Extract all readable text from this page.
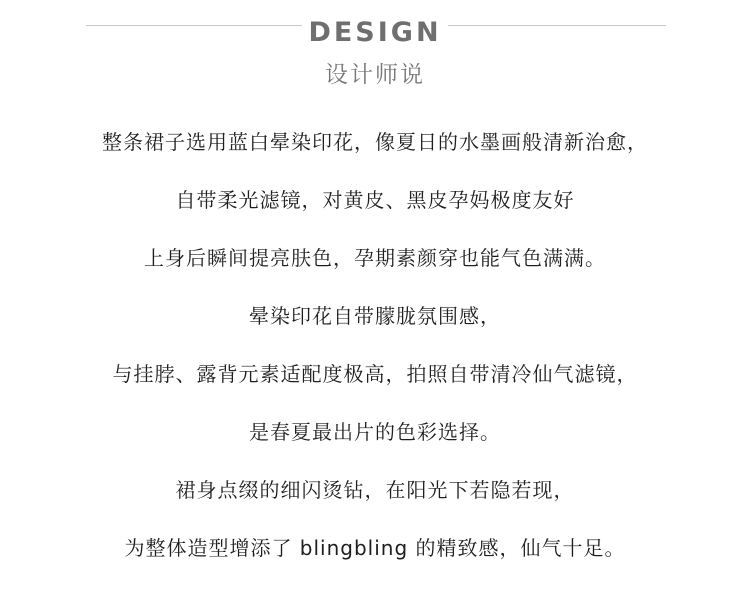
DESIGN
设计师说
整条裙子选用蓝白晕染印花，像夏日的水墨画般清新治愈，
自带柔光滤镜，对黄皮、黑皮孕妈极度友好
上身后瞬间提亮肤色，孕期素颜穿也能气色满满。
晕染印花自带朦胧氛围感，
与挂脖、露背元素适配度极高，拍照自带清冷仙气滤镜，
是春夏最出片的色彩选择。
裙身点缀的细闪烫钻，在阳光下若隐若现，
为整体造型增添了 blingbling 的精致感，仙气十足。
